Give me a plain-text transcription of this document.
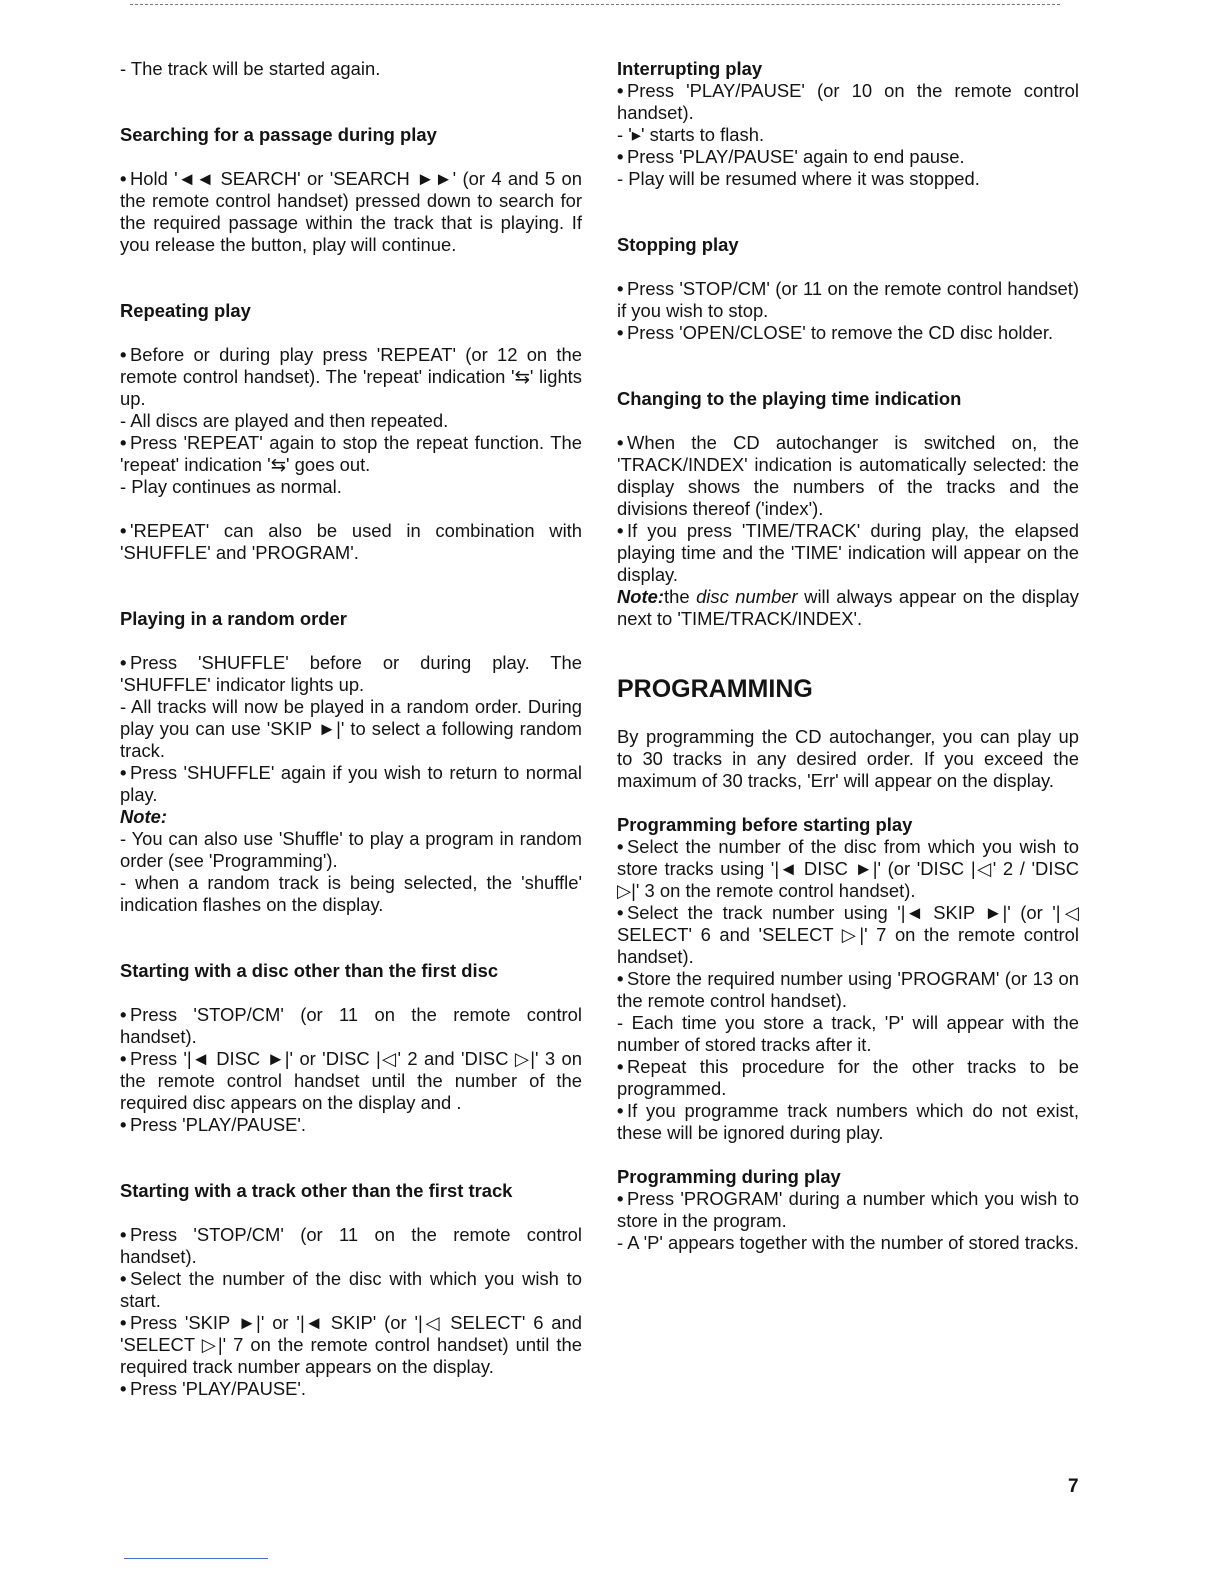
- The track will be started again.

Searching for a passage during play

• Hold '◄◄ SEARCH' or 'SEARCH ►►' (or 4 and 5 on the remote control handset) pressed down to search for the required passage within the track that is playing. If you release the button, play will continue.

Repeating play

• Before or during play press 'REPEAT' (or 12 on the remote control handset). The 'repeat' indication '⇆' lights up.

- All discs are played and then repeated.

• Press 'REPEAT' again to stop the repeat function. The 'repeat' indication '⇆' goes out.

- Play continues as normal.

• 'REPEAT' can also be used in combination with 'SHUFFLE' and 'PROGRAM'.

Playing in a random order

• Press 'SHUFFLE' before or during play. The 'SHUFFLE' indicator lights up.

- All tracks will now be played in a random order. During play you can use 'SKIP ►|' to select a following random track.

• Press 'SHUFFLE' again if you wish to return to normal play.

Note:

- You can also use 'Shuffle' to play a program in random order (see 'Programming').

- when a random track is being selected, the 'shuffle' indication flashes on the display.

Starting with a disc other than the first disc

• Press 'STOP/CM' (or 11 on the remote control handset).

• Press '|◄ DISC ►|' or 'DISC |◁' 2 and 'DISC ▷|' 3 on the remote control handset until the number of the required disc appears on the display and .

• Press 'PLAY/PAUSE'.

Starting with a track other than the first track

• Press 'STOP/CM' (or 11 on the remote control handset).

• Select the number of the disc with which you wish to start.

• Press 'SKIP ►|' or '|◄ SKIP' (or '|◁ SELECT' 6 and 'SELECT ▷|' 7 on the remote control handset) until the required track number appears on the display.

• Press 'PLAY/PAUSE'.

Interrupting play

• Press 'PLAY/PAUSE' (or 10 on the remote control handset).

- '▸' starts to flash.

• Press 'PLAY/PAUSE' again to end pause.

- Play will be resumed where it was stopped.

Stopping play

• Press 'STOP/CM' (or 11 on the remote control handset) if you wish to stop.

• Press 'OPEN/CLOSE' to remove the CD disc holder.

Changing to the playing time indication

• When the CD autochanger is switched on, the 'TRACK/INDEX' indication is automatically selected: the display shows the numbers of the tracks and the divisions thereof ('index').

• If you press 'TIME/TRACK' during play, the elapsed playing time and the 'TIME' indication will appear on the display.

Note:the disc number will always appear on the display next to 'TIME/TRACK/INDEX'.

PROGRAMMING

By programming the CD autochanger, you can play up to 30 tracks in any desired order. If you exceed the maximum of 30 tracks, 'Err' will appear on the display.

Programming before starting play

• Select the number of the disc from which you wish to store tracks using '|◄ DISC ►|' (or 'DISC |◁' 2 / 'DISC ▷|' 3 on the remote control handset).

• Select the track number using '|◄ SKIP ►|' (or '|◁ SELECT' 6 and 'SELECT ▷|' 7 on the remote control handset).

• Store the required number using 'PROGRAM' (or 13 on the remote control handset).

- Each time you store a track, 'P' will appear with the number of stored tracks after it.

• Repeat this procedure for the other tracks to be programmed.

• If you programme track numbers which do not exist, these will be ignored during play.

Programming during play

• Press 'PROGRAM' during a number which you wish to store in the program.

- A 'P' appears together with the number of stored tracks.

7
